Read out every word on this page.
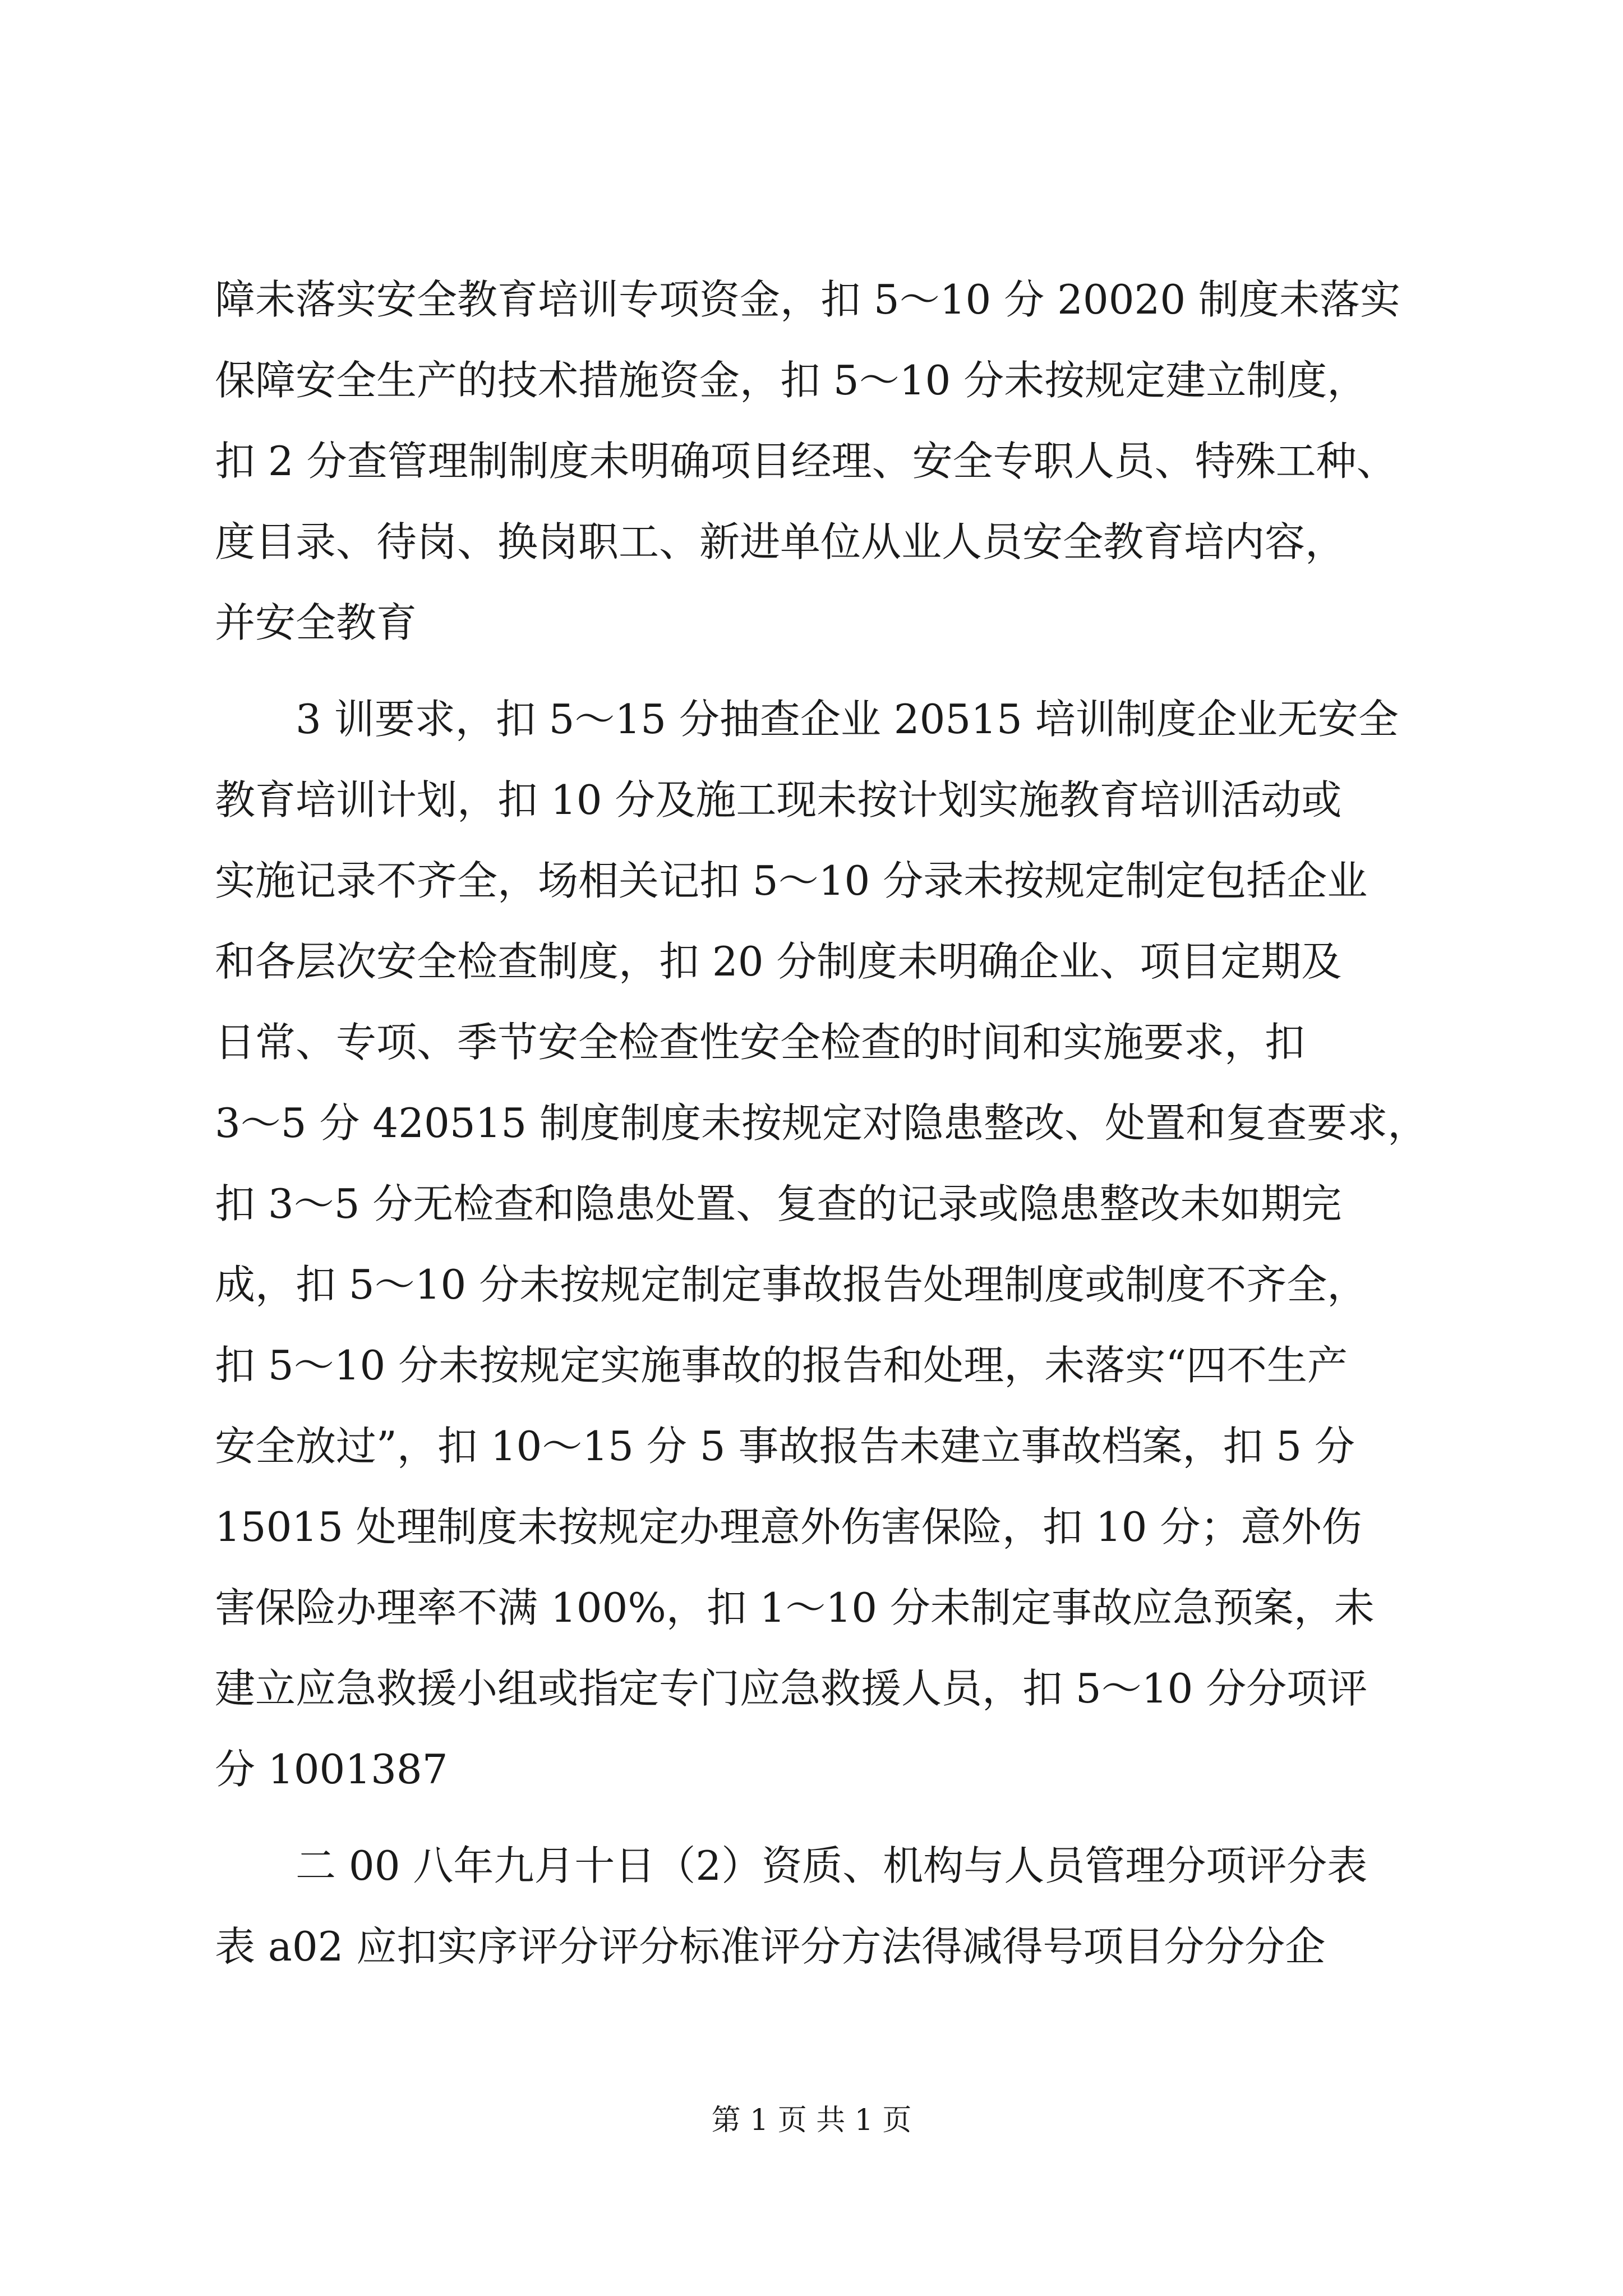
障未落实安全教育培训专项资金，扣 5～10 分 20020 制度未落实
保障安全生产的技术措施资金，扣 5～10 分未按规定建立制度，
扣 2 分查管理制制度未明确项目经理、安全专职人员、特殊工种、
度目录、待岗、换岗职工、新进单位从业人员安全教育培内容，
并安全教育
　　3 训要求，扣 5～15 分抽查企业 20515 培训制度企业无安全
教育培训计划，扣 10 分及施工现未按计划实施教育培训活动或
实施记录不齐全，场相关记扣 5～10 分录未按规定制定包括企业
和各层次安全检查制度，扣 20 分制度未明确企业、项目定期及
日常、专项、季节安全检查性安全检查的时间和实施要求，扣
3～5 分 420515 制度制度未按规定对隐患整改、处置和复查要求，
扣 3～5 分无检查和隐患处置、复查的记录或隐患整改未如期完
成，扣 5～10 分未按规定制定事故报告处理制度或制度不齐全，
扣 5～10 分未按规定实施事故的报告和处理，未落实“四不生产
安全放过”，扣 10～15 分 5 事故报告未建立事故档案，扣 5 分
15015 处理制度未按规定办理意外伤害保险，扣 10 分；意外伤
害保险办理率不满 100%，扣 1～10 分未制定事故应急预案，未
建立应急救援小组或指定专门应急救援人员，扣 5～10 分分项评
分 1001387
　　二 00 八年九月十日（2）资质、机构与人员管理分项评分表
表 a02 应扣实序评分评分标准评分方法得减得号项目分分分企
第 1 页 共 1 页
